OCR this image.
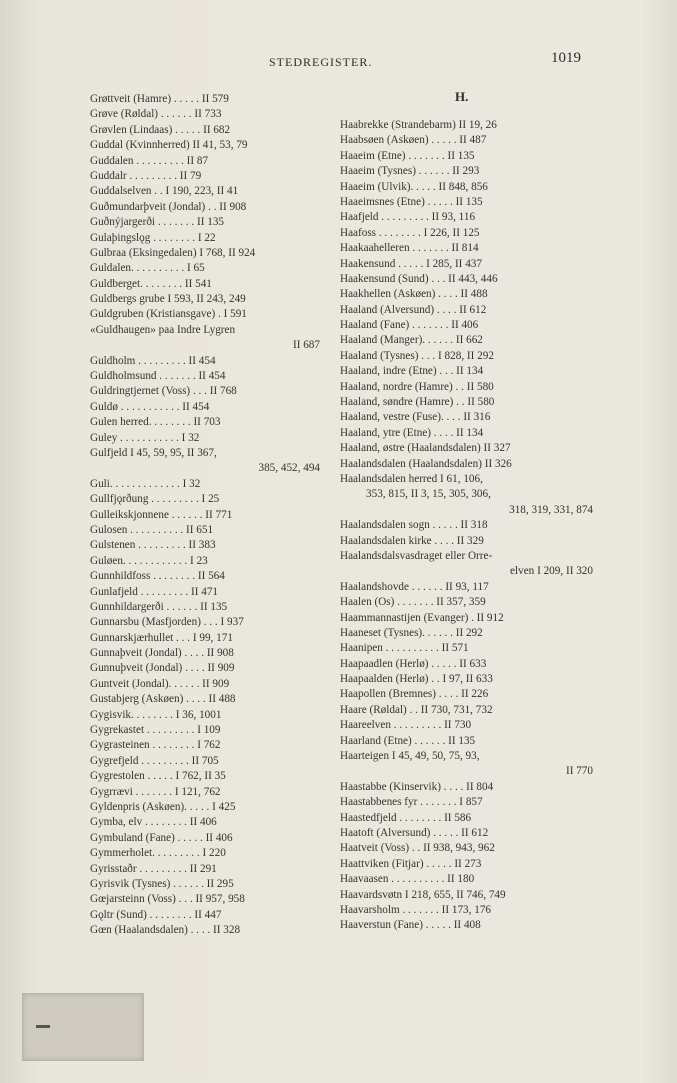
STEDREGISTER.	1019
H.
Grøttveit (Hamre) . . . . . II 579
Grøve (Røldal) . . . . . . II 733
Grøvlen (Lindaas) . . . . . II 682
Guddal (Kvinnherred) II 41, 53, 79
Guddalen . . . . . . . . . II 87
Guddalr . . . . . . . . . II 79
Guddalselven . . I 190, 223, II 41
Guðmundarþveit (Jondal) . . II 908
Guðnýjargerði . . . . . . . II 135
Gulaþingslǫg . . . . . . . . I 22
Gulbraa (Eksingedalen) I 768, II 924
Guldalen. . . . . . . . . . I 65
Guldberget. . . . . . . . II 541
Guldbergs grube I 593, II 243, 249
Guldgruben (Kristiansgave) . I 591
«Guldhaugen» paa Indre Lygren
II 687
Guldholm . . . . . . . . . II 454
Guldholmsund . . . . . . . II 454
Guldringtjernet (Voss) . . . II 768
Guldø . . . . . . . . . . . II 454
Gulen herred. . . . . . . . II 703
Guley . . . . . . . . . . . I 32
Gulfjeld I 45, 59, 95, II 367,
385, 452, 494
Guli. . . . . . . . . . . . . I 32
Gullfjǫrðung . . . . . . . . . I 25
Gulleikskjonnene . . . . . . II 771
Gulosen . . . . . . . . . . II 651
Gulstenen . . . . . . . . . II 383
Guløen. . . . . . . . . . . . I 23
Gunnhildfoss . . . . . . . . II 564
Gunlafjeld . . . . . . . . . II 471
Gunnhildargerði . . . . . . II 135
Gunnarsbu (Masfjorden) . . . I 937
Gunnarskjærhullet . . . I 99, 171
Gunnaþveit (Jondal) . . . . II 908
Gunnuþveit (Jondal) . . . . II 909
Guntveit (Jondal). . . . . . II 909
Gustabjerg (Askøen) . . . . II 488
Gygisvik. . . . . . . . I 36, 1001
Gygrekastet . . . . . . . . . I 109
Gygrasteinen . . . . . . . . I 762
Gygrefjeld . . . . . . . . . II 705
Gygrestolen . . . . . I 762, II 35
Gygrrævi . . . . . . . I 121, 762
Gyldenpris (Askøen). . . . . I 425
Gymba, elv . . . . . . . . II 406
Gymbuland (Fane) . . . . . II 406
Gymmerholet. . . . . . . . . I 220
Gyrisstaðr . . . . . . . . . II 291
Gyrisvik (Tysnes) . . . . . . II 295
Gœjarsteinn (Voss) . . . II 957, 958
Gǫltr (Sund) . . . . . . . . II 447
Gœn (Haalandsdalen) . . . . II 328
Haabrekke (Strandebarm) II 19, 26
Haabsøen (Askøen) . . . . . II 487
Haaeim (Etne) . . . . . . . II 135
Haaeim (Tysnes) . . . . . . II 293
Haaeim (Ulvik). . . . . II 848, 856
Haaeimsnes (Etne) . . . . . II 135
Haafjeld . . . . . . . . . II 93, 116
Haafoss . . . . . . . . I 226, II 125
Haakaahelleren . . . . . . . II 814
Haakensund . . . . . I 285, II 437
Haakensund (Sund) . . . II 443, 446
Haakhellen (Askøen) . . . . II 488
Haaland (Alversund) . . . . II 612
Haaland (Fane) . . . . . . . II 406
Haaland (Manger). . . . . . II 662
Haaland (Tysnes) . . . I 828, II 292
Haaland, indre (Etne) . . . II 134
Haaland, nordre (Hamre) . . II 580
Haaland, søndre (Hamre) . . II 580
Haaland, vestre (Fuse). . . . II 316
Haaland, ytre (Etne) . . . . II 134
Haaland, østre (Haalandsdalen) II 327
Haalandsdalen (Haalandsdalen) II 326
Haalandsdalen herred I 61, 106,
353, 815, II 3, 15, 305, 306,
318, 319, 331, 874
Haalandsdalen sogn . . . . . II 318
Haalandsdalen kirke . . . . II 329
Haalandsdalsvasdraget eller Orre-
elven I 209, II 320
Haalandshovde . . . . . . II 93, 117
Haalen (Os) . . . . . . . II 357, 359
Haammannastijen (Evanger) . II 912
Haaneset (Tysnes). . . . . . II 292
Haanipen . . . . . . . . . . II 571
Haapaadlen (Herlø) . . . . . II 633
Haapaalden (Herlø) . . I 97, II 633
Haapollen (Bremnes) . . . . II 226
Haare (Røldal) . . II 730, 731, 732
Haareelven . . . . . . . . . II 730
Haarland (Etne) . . . . . . II 135
Haarteigen I 45, 49, 50, 75, 93,
II 770
Haastabbe (Kinservik) . . . . II 804
Haastabbenes fyr . . . . . . . I 857
Haastedfjeld . . . . . . . . II 586
Haatoft (Alversund) . . . . . II 612
Haatveit (Voss) . . II 938, 943, 962
Haattviken (Fitjar) . . . . . II 273
Haavaasen . . . . . . . . . . II 180
Haavardsvøtn I 218, 655, II 746, 749
Haavarsholm . . . . . . . II 173, 176
Haaverstun (Fane) . . . . . II 408
